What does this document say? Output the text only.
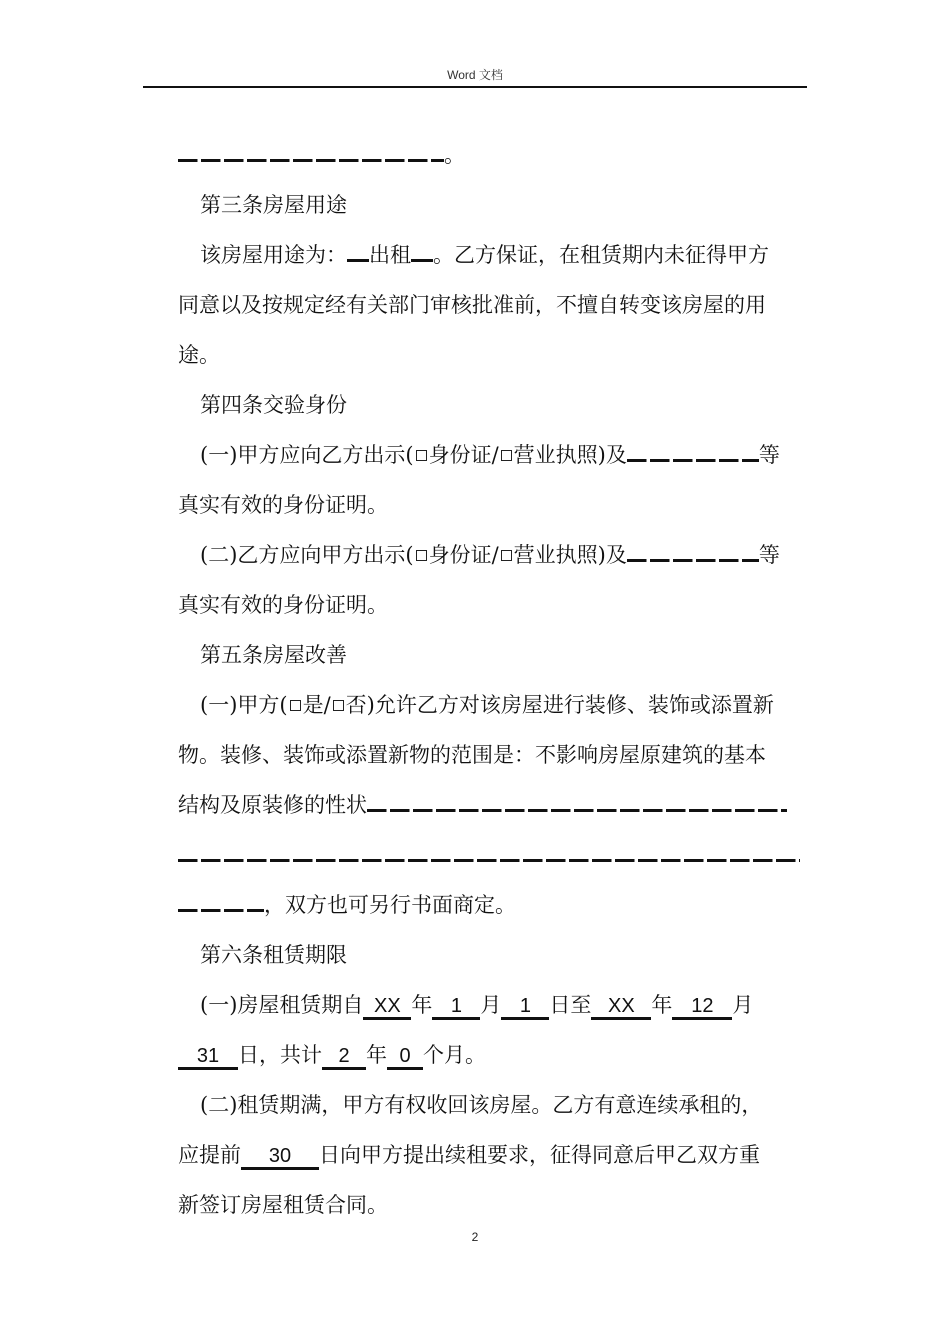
Word 文档
。
第三条房屋用途
该房屋用途为： 出租 。乙方保证，在租赁期内未征得甲方
同意以及按规定经有关部门审核批准前，不擅自转变该房屋的用
途。
第四条交验身份
(一)甲方应向乙方出示( 身份证/ 营业执照)及	等
真实有效的身份证明。
(二)乙方应向甲方出示( 身份证/ 营业执照)及	等
真实有效的身份证明。
第五条房屋改善
(一)甲方( 是/ 否)允许乙方对该房屋进行装修、装饰或添置新
物。装修、装饰或添置新物的范围是：不影响房屋原建筑的基本
结构及原装修的性状
，双方也可另行书面商定。
第六条租赁期限
(一)房屋租赁期自 XX 年 1 月 1 日至 XX 年 12 月
31 日，共计 2 年 0 个月。
(二)租赁期满，甲方有权收回该房屋。乙方有意连续承租的，
应提前 30 日向甲方提出续租要求，征得同意后甲乙双方重
新签订房屋租赁合同。
2
